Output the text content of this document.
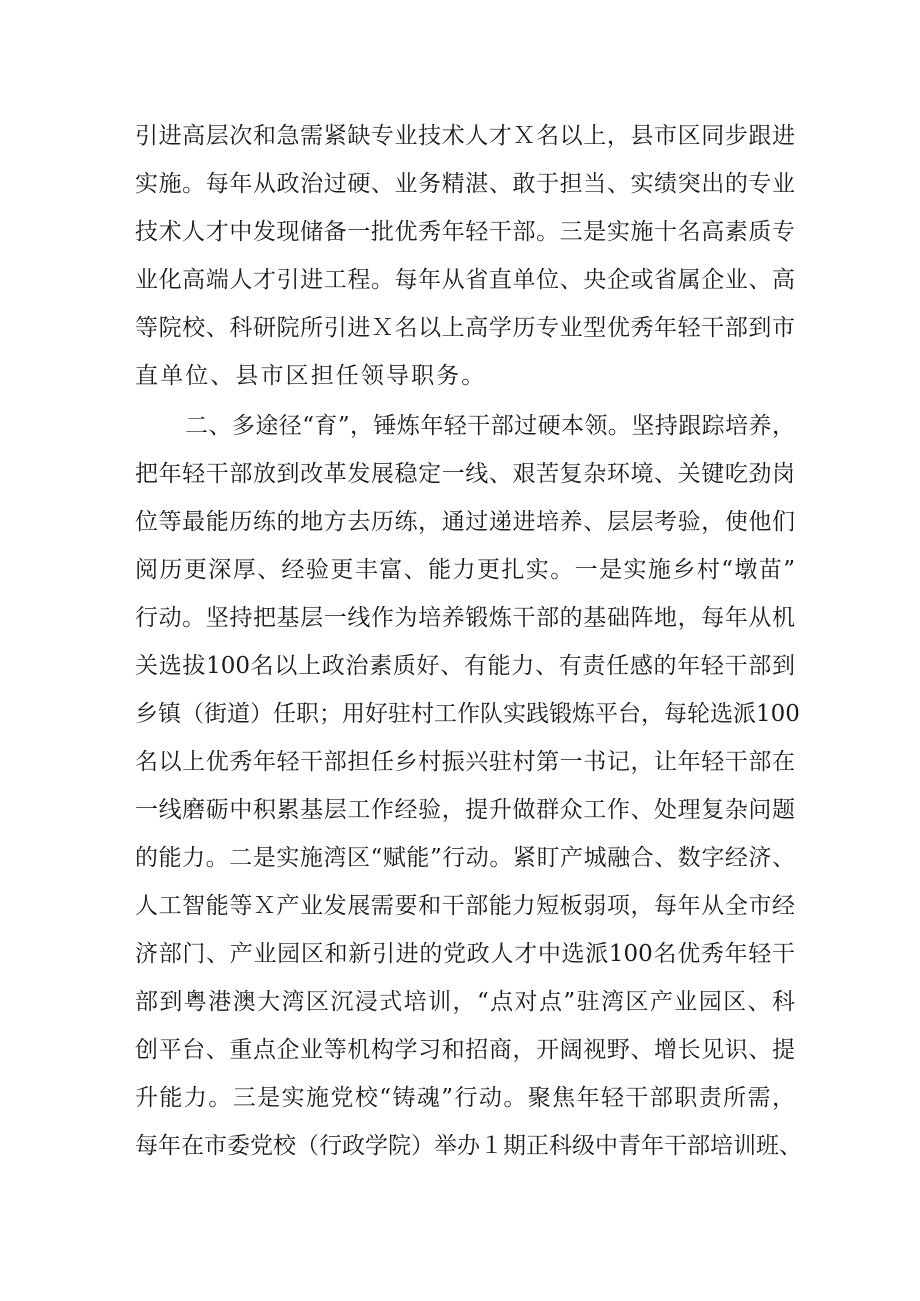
引进高层次和急需紧缺专业技术人才Ｘ名以上，县市区同步跟进
实施。每年从政治过硬、业务精湛、敢于担当、实绩突出的专业
技术人才中发现储备一批优秀年轻干部。三是实施十名高素质专
业化高端人才引进工程。每年从省直单位、央企或省属企业、高
等院校、科研院所引进Ｘ名以上高学历专业型优秀年轻干部到市
直单位、县市区担任领导职务。
二、多途径“育”，锤炼年轻干部过硬本领。坚持跟踪培养，
把年轻干部放到改革发展稳定一线、艰苦复杂环境、关键吃劲岗
位等最能历练的地方去历练，通过递进培养、层层考验，使他们
阅历更深厚、经验更丰富、能力更扎实。一是实施乡村“墩苗”
行动。坚持把基层一线作为培养锻炼干部的基础阵地，每年从机
关选拔100名以上政治素质好、有能力、有责任感的年轻干部到
乡镇（街道）任职；用好驻村工作队实践锻炼平台，每轮选派100
名以上优秀年轻干部担任乡村振兴驻村第一书记，让年轻干部在
一线磨砺中积累基层工作经验，提升做群众工作、处理复杂问题
的能力。二是实施湾区“赋能”行动。紧盯产城融合、数字经济、
人工智能等Ｘ产业发展需要和干部能力短板弱项，每年从全市经
济部门、产业园区和新引进的党政人才中选派100名优秀年轻干
部到粤港澳大湾区沉浸式培训，“点对点”驻湾区产业园区、科
创平台、重点企业等机构学习和招商，开阔视野、增长见识、提
升能力。三是实施党校“铸魂”行动。聚焦年轻干部职责所需，
每年在市委党校（行政学院）举办１期正科级中青年干部培训班、
